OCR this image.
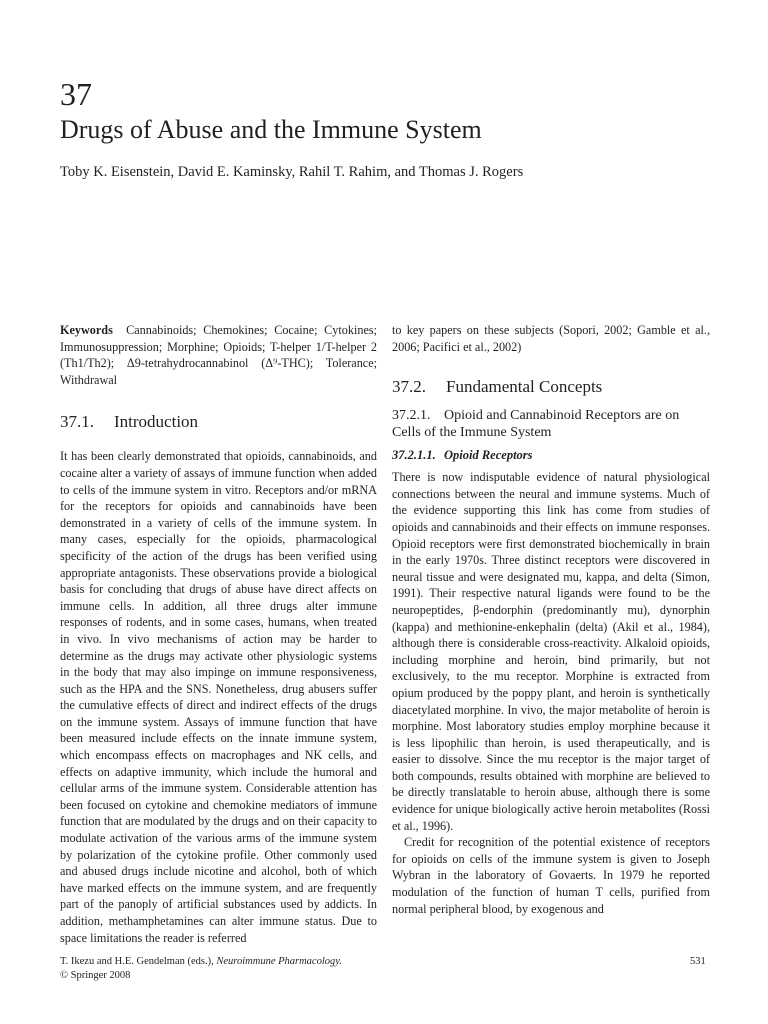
37
Drugs of Abuse and the Immune System
Toby K. Eisenstein, David E. Kaminsky, Rahil T. Rahim, and Thomas J. Rogers

Keywords Cannabinoids; Chemokines; Cocaine; Cytokines; Immunosuppression; Morphine; Opioids; T-helper 1/T-helper 2 (Th1/Th2); Δ9-tetrahydrocannabinol (Δ⁹-THC); Tolerance; Withdrawal

37.1. Introduction

It has been clearly demonstrated that opioids, cannabinoids, and cocaine alter a variety of assays of immune function when added to cells of the immune system in vitro. Receptors and/or mRNA for the receptors for opioids and cannabinoids have been demonstrated in a variety of cells of the immune system. In many cases, especially for the opioids, pharmacological specificity of the action of the drugs has been verified using appropriate antagonists. These observations provide a biological basis for concluding that drugs of abuse have direct affects on immune cells. In addition, all three drugs alter immune responses of rodents, and in some cases, humans, when treated in vivo. In vivo mechanisms of action may be harder to determine as the drugs may activate other physiologic systems in the body that may also impinge on immune responsiveness, such as the HPA and the SNS. Nonetheless, drug abusers suffer the cumulative effects of direct and indirect effects of the drugs on the immune system. Assays of immune function that have been measured include effects on the innate immune system, which encompass effects on macrophages and NK cells, and effects on adaptive immunity, which include the humoral and cellular arms of the immune system. Considerable attention has been focused on cytokine and chemokine mediators of immune function that are modulated by the drugs and on their capacity to modulate activation of the various arms of the immune system by polarization of the cytokine profile. Other commonly used and abused drugs include nicotine and alcohol, both of which have marked effects on the immune system, and are frequently part of the panoply of artificial substances used by addicts. In addition, methamphetamines can alter immune status. Due to space limitations the reader is referred

to key papers on these subjects (Sopori, 2002; Gamble et al., 2006; Pacifici et al., 2002)

37.2. Fundamental Concepts
37.2.1. Opioid and Cannabinoid Receptors are on Cells of the Immune System
37.2.1.1. Opioid Receptors

There is now indisputable evidence of natural physiological connections between the neural and immune systems. Much of the evidence supporting this link has come from studies of opioids and cannabinoids and their effects on immune responses. Opioid receptors were first demonstrated biochemically in brain in the early 1970s. Three distinct receptors were discovered in neural tissue and were designated mu, kappa, and delta (Simon, 1991). Their respective natural ligands were found to be the neuropeptides, β-endorphin (predominantly mu), dynorphin (kappa) and methionine-enkephalin (delta) (Akil et al., 1984), although there is considerable cross-reactivity. Alkaloid opioids, including morphine and heroin, bind primarily, but not exclusively, to the mu receptor. Morphine is extracted from opium produced by the poppy plant, and heroin is synthetically diacetylated morphine. In vivo, the major metabolite of heroin is morphine. Most laboratory studies employ morphine because it is less lipophilic than heroin, is used therapeutically, and is easier to dissolve. Since the mu receptor is the major target of both compounds, results obtained with morphine are believed to be directly translatable to heroin abuse, although there is some evidence for unique biologically active heroin metabolites (Rossi et al., 1996).

Credit for recognition of the potential existence of receptors for opioids on cells of the immune system is given to Joseph Wybran in the laboratory of Govaerts. In 1979 he reported modulation of the function of human T cells, purified from normal peripheral blood, by exogenous and

T. Ikezu and H.E. Gendelman (eds.), Neuroimmune Pharmacology.
© Springer 2008
531
